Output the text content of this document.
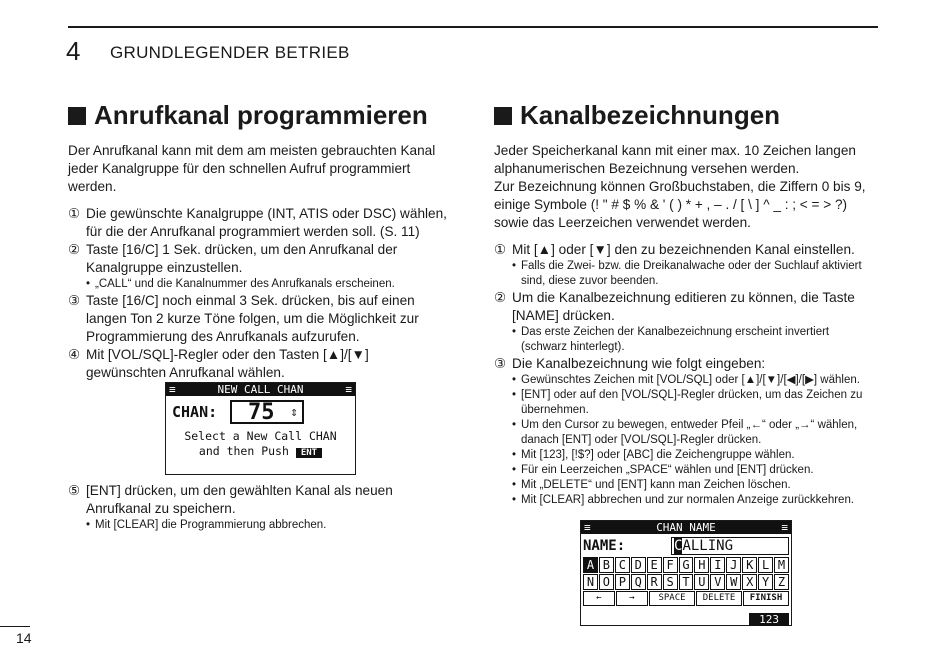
4 GRUNDLEGENDER BETRIEB
Anrufkanal programmieren

Der Anrufkanal kann mit dem am meisten gebrauchten Kanal jeder Kanalgruppe für den schnellen Aufruf programmiert werden.

① Die gewünschte Kanalgruppe (INT, ATIS oder DSC) wählen, für die der Anrufkanal programmiert werden soll. (S. 11)
② Taste [16/C] 1 Sek. drücken, um den Anrufkanal der Kanalgruppe einzustellen.
• „CALL“ und die Kanalnummer des Anrufkanals erscheinen.
③ Taste [16/C] noch einmal 3 Sek. drücken, bis auf einen langen Ton 2 kurze Töne folgen, um die Möglichkeit zur Programmierung des Anrufkanals aufzurufen.
④ Mit [VOL/SQL]-Regler oder den Tasten [▲]/[▼] gewünschten Anrufkanal wählen.
≡	NEW CALL CHAN	≡
CHAN:	75 ⇕
Select a New Call CHAN
and then Push ENT
⑤ [ENT] drücken, um den gewählten Kanal als neuen Anrufkanal zu speichern.
• Mit [CLEAR] die Programmierung abbrechen.
Kanalbezeichnungen

Jeder Speicherkanal kann mit einer max. 10 Zeichen langen alphanumerischen Bezeichnung versehen werden.

Zur Bezeichnung können Großbuchstaben, die Ziffern 0 bis 9, einige Symbole (! " # $ % & ' ( ) * + , – . / [ \ ] ^ _ : ; < = > ?) sowie das Leerzeichen verwendet werden.

① Mit [▲] oder [▼] den zu bezeichnenden Kanal einstellen.
• Falls die Zwei- bzw. die Dreikanalwache oder der Suchlauf aktiviert sind, diese zuvor beenden.
② Um die Kanalbezeichnung editieren zu können, die Taste [NAME] drücken.
• Das erste Zeichen der Kanalbezeichnung erscheint invertiert (schwarz hinterlegt).
③ Die Kanalbezeichnung wie folgt eingeben:
• Gewünschtes Zeichen mit [VOL/SQL] oder [▲]/[▼]/[◀]/[▶] wählen.
• [ENT] oder auf den [VOL/SQL]-Regler drücken, um das Zeichen zu übernehmen.
• Um den Cursor zu bewegen, entweder Pfeil „←“ oder „→“ wählen, danach [ENT] oder [VOL/SQL]-Regler drücken.
• Mit [123], [!$?] oder [ABC] die Zeichengruppe wählen.
• Für ein Leerzeichen „SPACE“ wählen und [ENT] drücken.
• Mit „DELETE“ und [ENT] kann man Zeichen löschen.
• Mit [CLEAR] abbrechen und zur normalen Anzeige zurückkehren.
≡	CHAN NAME	≡
NAME:	CALLING
A B C D E F G H I J K L M
N O P Q R S T U V W X Y Z
←	→	SPACE	DELETE	FINISH
123
14
